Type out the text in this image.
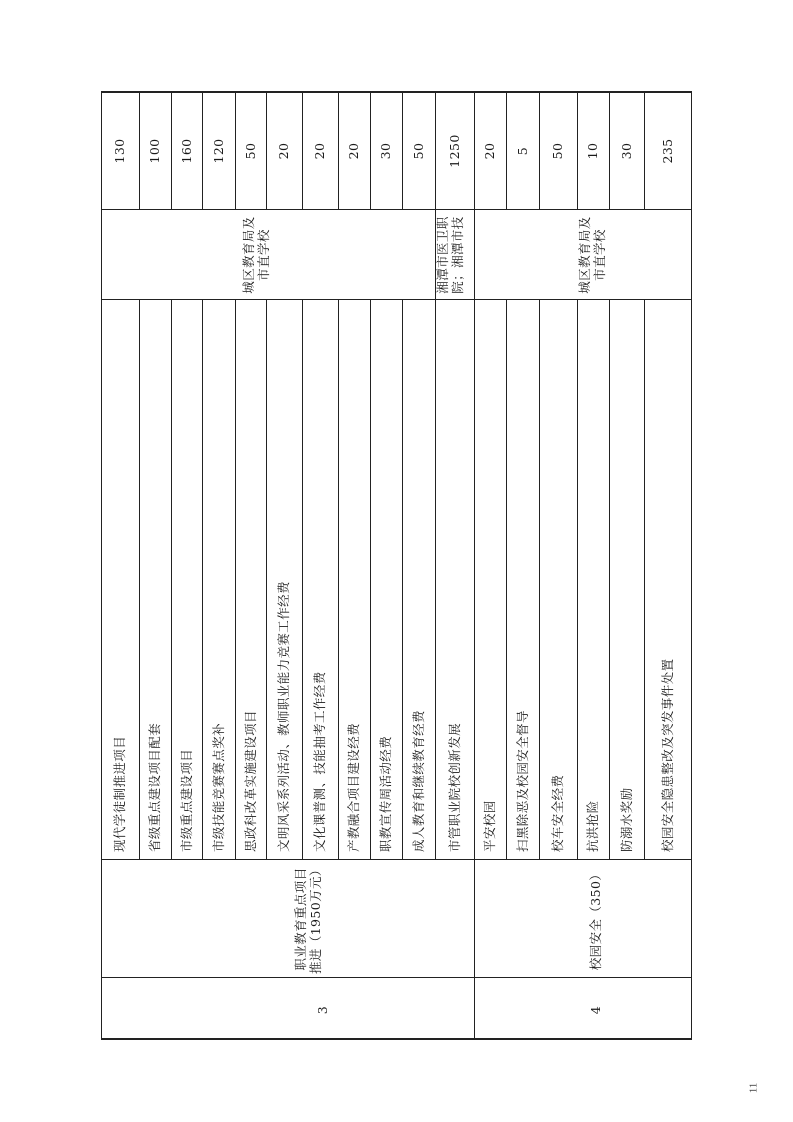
3
职业教育重点项目推进（1950万元）
4
校园安全（350）
城区教育局及市直学校	湘潭市医卫职院；湘潭市技	城区教育局及市直学校
现代学徒制推进项目
130
省级重点建设项目配套
100
市级重点建设项目
160
市级技能竞赛赛点奖补
120
思政科改革实施建设项目
50
文明风采系列活动、教师职业能力竞赛工作经费
20
文化课普测、技能抽考工作经费
20
产教融合项目建设经费
20
职教宣传周活动经费
30
成人教育和继续教育经费
50
市管职业院校创新发展
1250
平安校园
20
扫黑除恶及校园安全督导
5
校车安全经费
50
抗洪抢险
10
防溺水奖励
30
校园安全隐患整改及突发事件处置
235
11
